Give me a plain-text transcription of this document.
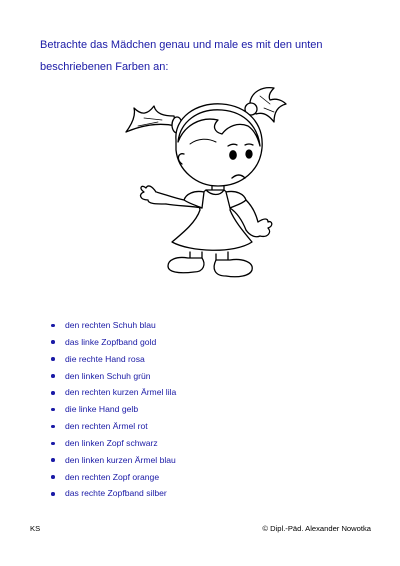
Betrachte das Mädchen genau und male es mit den unten
beschriebenen Farben an:
den rechten Schuh blau
das linke Zopfband gold
die rechte Hand rosa
den linken Schuh grün
den rechten kurzen Ärmel lila
die linke Hand gelb
den rechten Ärmel rot
den linken Zopf schwarz
den linken kurzen Ärmel blau
den rechten Zopf orange
das rechte Zopfband silber
KS	© Dipl.-Päd. Alexander Nowotka
